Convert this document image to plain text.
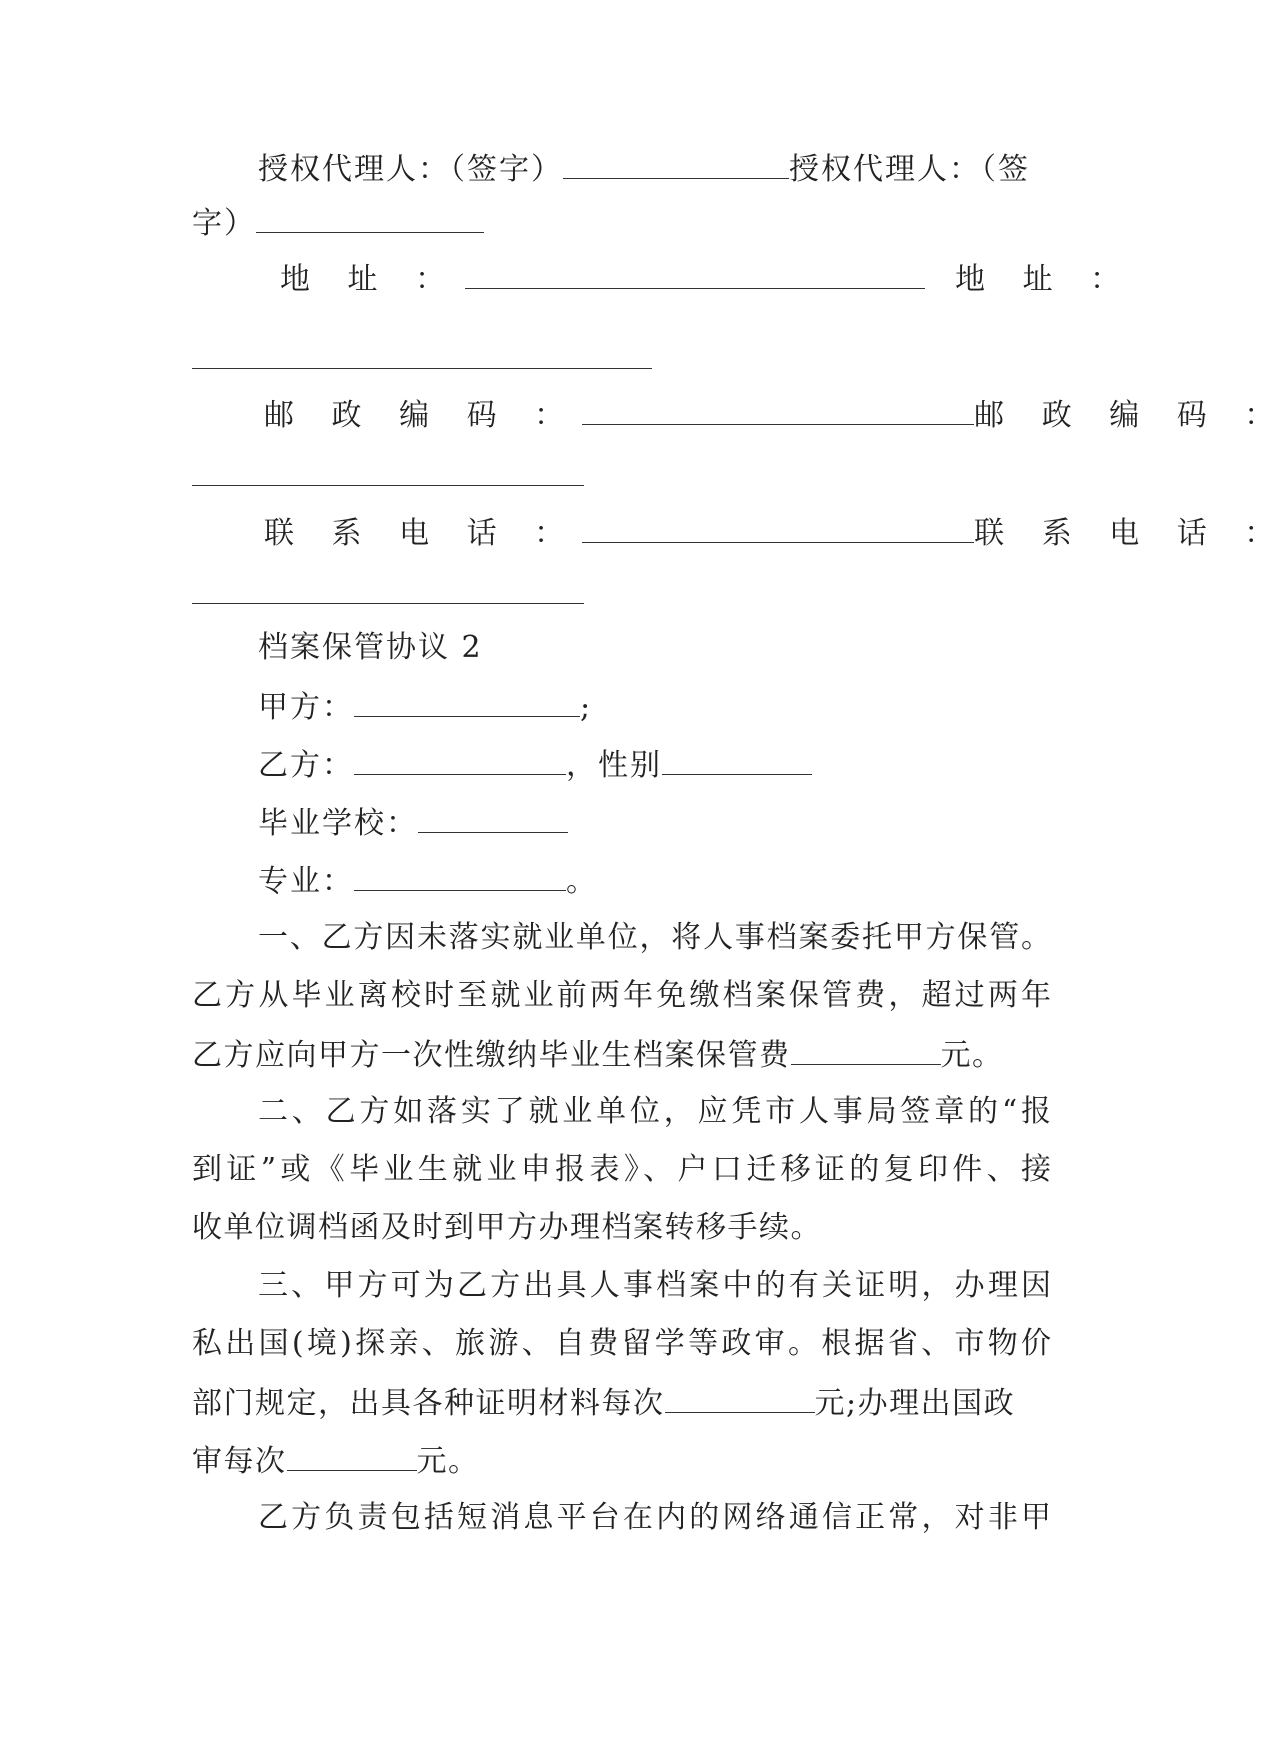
授权代理人：（签字）	授权代理人：（签
字）
地 址 ：	地 址 ：
邮 政 编 码 ：	邮 政 编 码 ：
联 系 电 话 ：	联 系 电 话 ：
档案保管协议 2
甲方：	;
乙方：	，性别
毕业学校：
专业：	。
一、乙方因未落实就业单位，将人事档案委托甲方保管。
乙方从毕业离校时至就业前两年免缴档案保管费，超过两年
乙方应向甲方一次性缴纳毕业生档案保管费	元。
二、乙方如落实了就业单位，应凭市人事局签章的“报
到证”或《毕业生就业申报表》、户口迁移证的复印件、接
收单位调档函及时到甲方办理档案转移手续。
三、甲方可为乙方出具人事档案中的有关证明，办理因
私出国(境)探亲、旅游、自费留学等政审。根据省、市物价
部门规定，出具各种证明材料每次	元;办理出国政
审每次	元。
乙方负责包括短消息平台在内的网络通信正常，对非甲
